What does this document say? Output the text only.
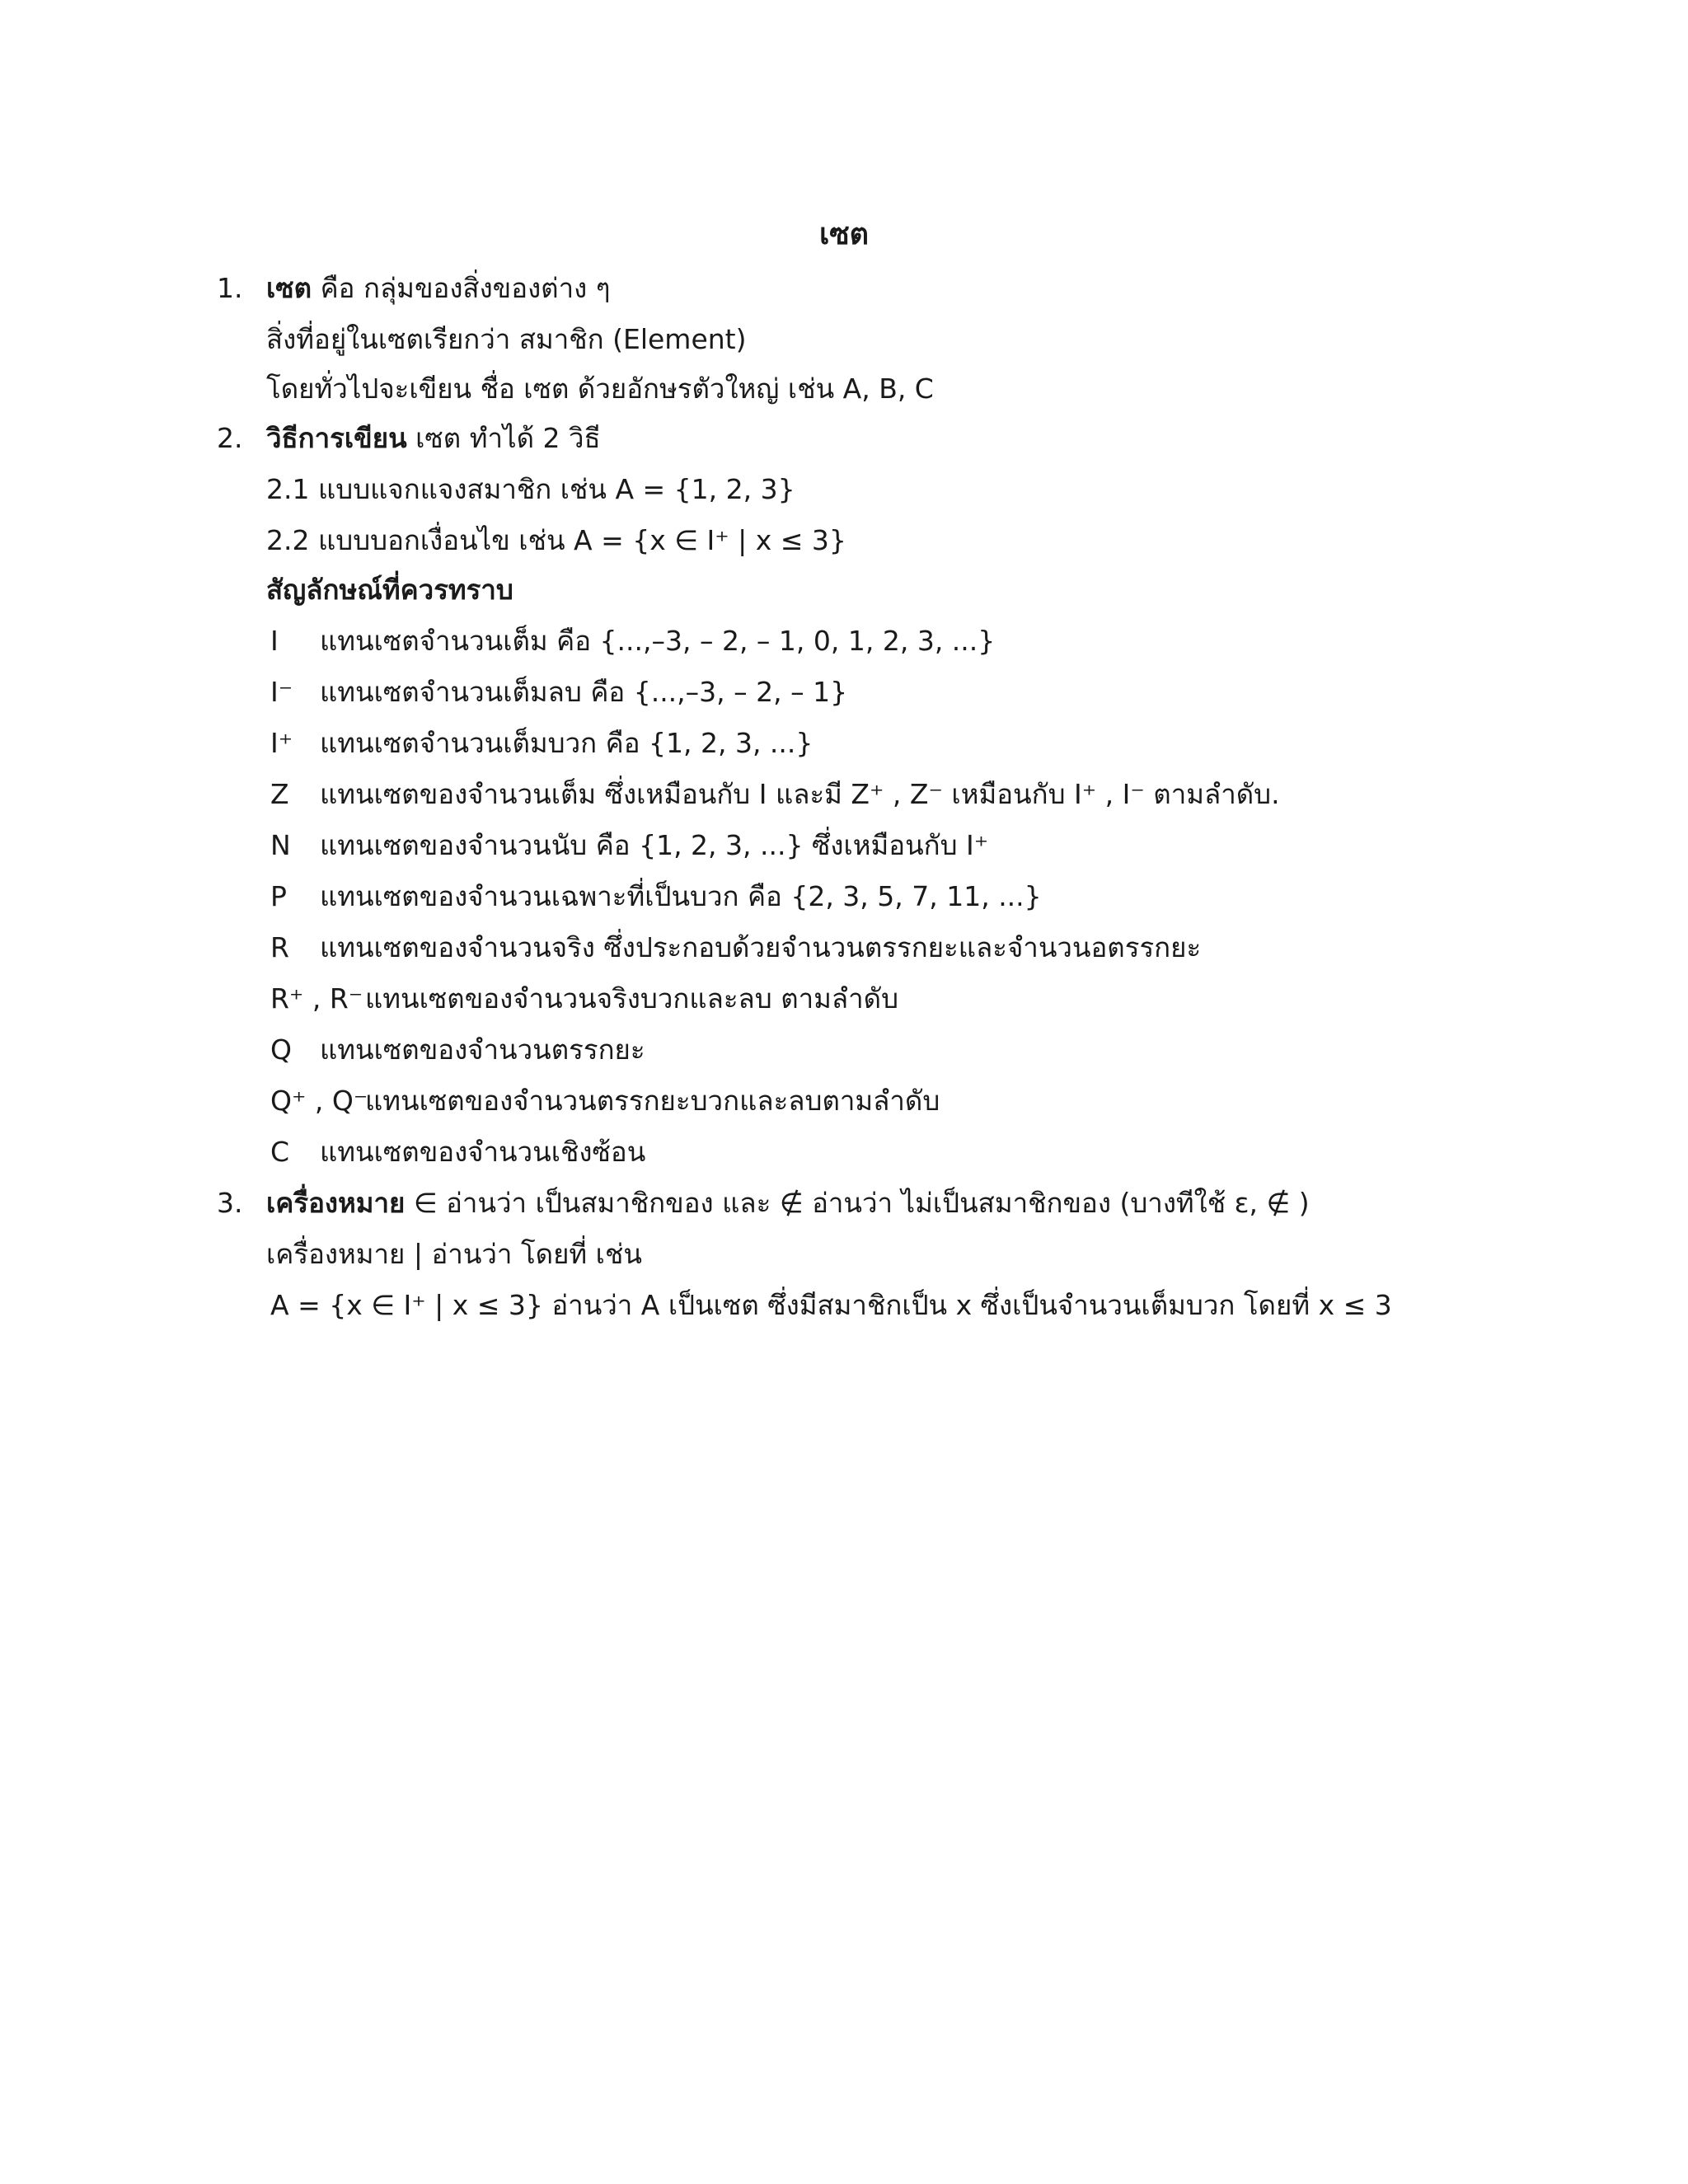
เซต
1. เซต คือ กลุ่มของสิ่งของต่าง ๆ
สิ่งที่อยู่ในเซตเรียกว่า สมาชิก (Element)
โดยทั่วไปจะเขียน ชื่อ เซต ด้วยอักษรตัวใหญ่ เช่น A, B, C
2. วิธีการเขียน เซต ทำได้ 2 วิธี
2.1 แบบแจกแจงสมาชิก เช่น A = {1, 2, 3}
2.2 แบบบอกเงื่อนไข เช่น A = {x ∈ I⁺ | x ≤ 3}
สัญลักษณ์ที่ควรทราบ
I แทนเซตจำนวนเต็ม คือ {...,–3, – 2, – 1, 0, 1, 2, 3, ...}
I⁻ แทนเซตจำนวนเต็มลบ คือ {...,–3, – 2, – 1}
I⁺ แทนเซตจำนวนเต็มบวก คือ {1, 2, 3, ...}
Z แทนเซตของจำนวนเต็ม ซึ่งเหมือนกับ I และมี Z⁺ , Z⁻ เหมือนกับ I⁺ , I⁻ ตามลำดับ.
N แทนเซตของจำนวนนับ คือ {1, 2, 3, ...} ซึ่งเหมือนกับ I⁺
P แทนเซตของจำนวนเฉพาะที่เป็นบวก คือ {2, 3, 5, 7, 11, ...}
R แทนเซตของจำนวนจริง ซึ่งประกอบด้วยจำนวนตรรกยะและจำนวนอตรรกยะ
R⁺ , R⁻แทนเซตของจำนวนจริงบวกและลบ ตามลำดับ
Q แทนเซตของจำนวนตรรกยะ
Q⁺ , Q⁻แทนเซตของจำนวนตรรกยะบวกและลบตามลำดับ
C แทนเซตของจำนวนเชิงซ้อน
3. เครื่องหมาย ∈ อ่านว่า เป็นสมาชิกของ และ ∉ อ่านว่า ไม่เป็นสมาชิกของ (บางทีใช้ ε, ∉ )
เครื่องหมาย | อ่านว่า โดยที่ เช่น
A = {x ∈ I⁺ | x ≤ 3} อ่านว่า A เป็นเซต ซึ่งมีสมาชิกเป็น x ซึ่งเป็นจำนวนเต็มบวก โดยที่ x ≤ 3
